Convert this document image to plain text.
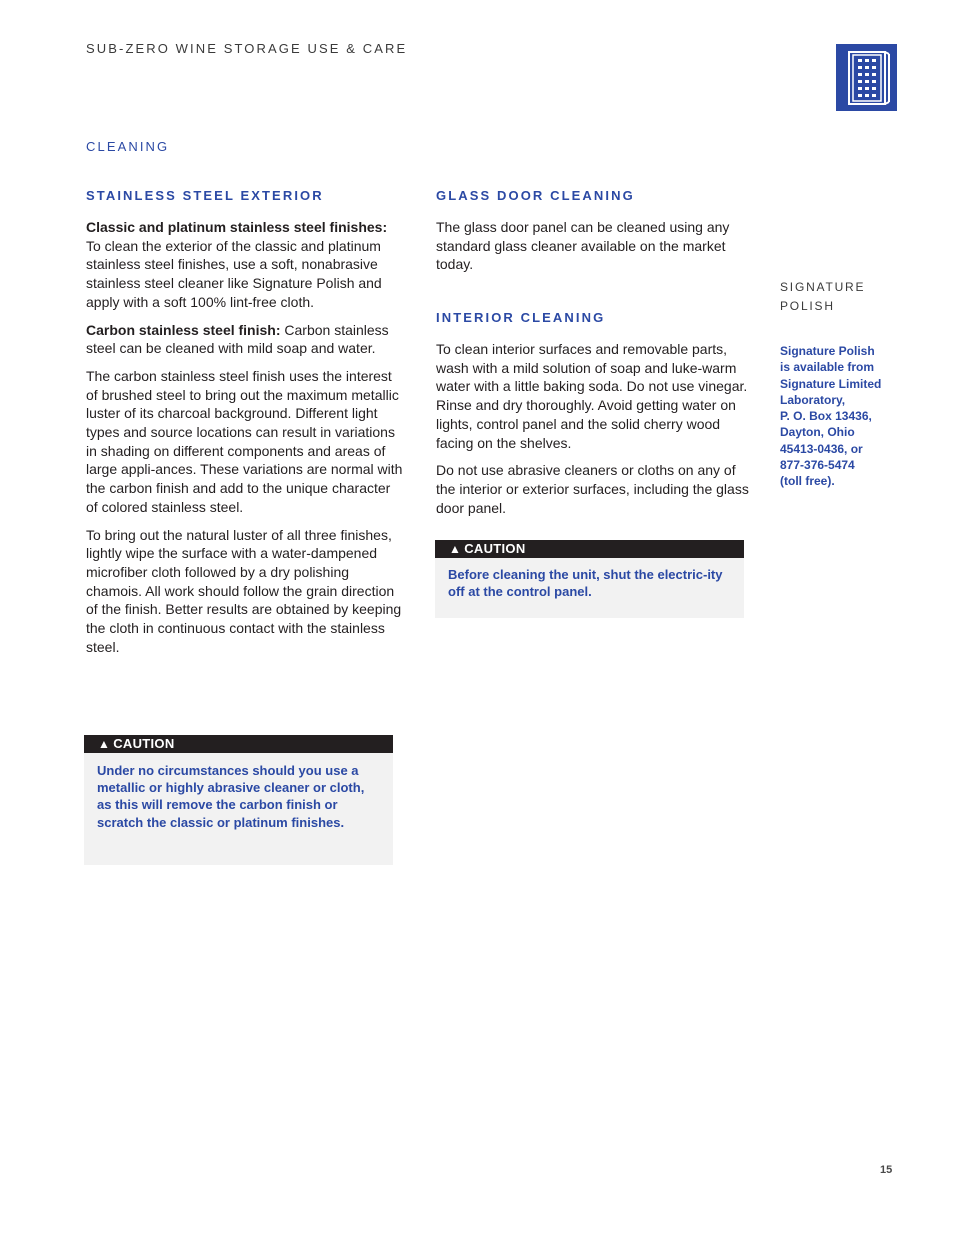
SUB-ZERO WINE STORAGE USE & CARE
CLEANING
STAINLESS STEEL EXTERIOR

Classic and platinum stainless steel finishes: To clean the exterior of the classic and platinum stainless steel finishes, use a soft, nonabrasive stainless steel cleaner like Signature Polish and apply with a soft 100% lint-free cloth.

Carbon stainless steel finish: Carbon stainless steel can be cleaned with mild soap and water.

The carbon stainless steel finish uses the interest of brushed steel to bring out the maximum metallic luster of its charcoal background. Different light types and source locations can result in variations in shading on different components and areas of large appli-ances. These variations are normal with the carbon finish and add to the unique character of colored stainless steel.

To bring out the natural luster of all three finishes, lightly wipe the surface with a water-dampened microfiber cloth followed by a dry polishing chamois. All work should follow the grain direction of the finish. Better results are obtained by keeping the cloth in continuous contact with the stainless steel.

▲ CAUTION
Under no circumstances should you use a metallic or highly abrasive cleaner or cloth, as this will remove the carbon finish or scratch the classic or platinum finishes.
GLASS DOOR CLEANING

The glass door panel can be cleaned using any standard glass cleaner available on the market today.

INTERIOR CLEANING

To clean interior surfaces and removable parts, wash with a mild solution of soap and luke-warm water with a little baking soda. Do not use vinegar. Rinse and dry thoroughly. Avoid getting water on lights, control panel and the solid cherry wood facing on the shelves.

Do not use abrasive cleaners or cloths on any of the interior or exterior surfaces, including the glass door panel.

▲ CAUTION
Before cleaning the unit, shut the electric-ity off at the control panel.
SIGNATURE
POLISH
Signature Polish
is available from
Signature Limited
Laboratory,
P. O. Box 13436,
Dayton, Ohio
45413-0436, or
877-376-5474
(toll free).
15
